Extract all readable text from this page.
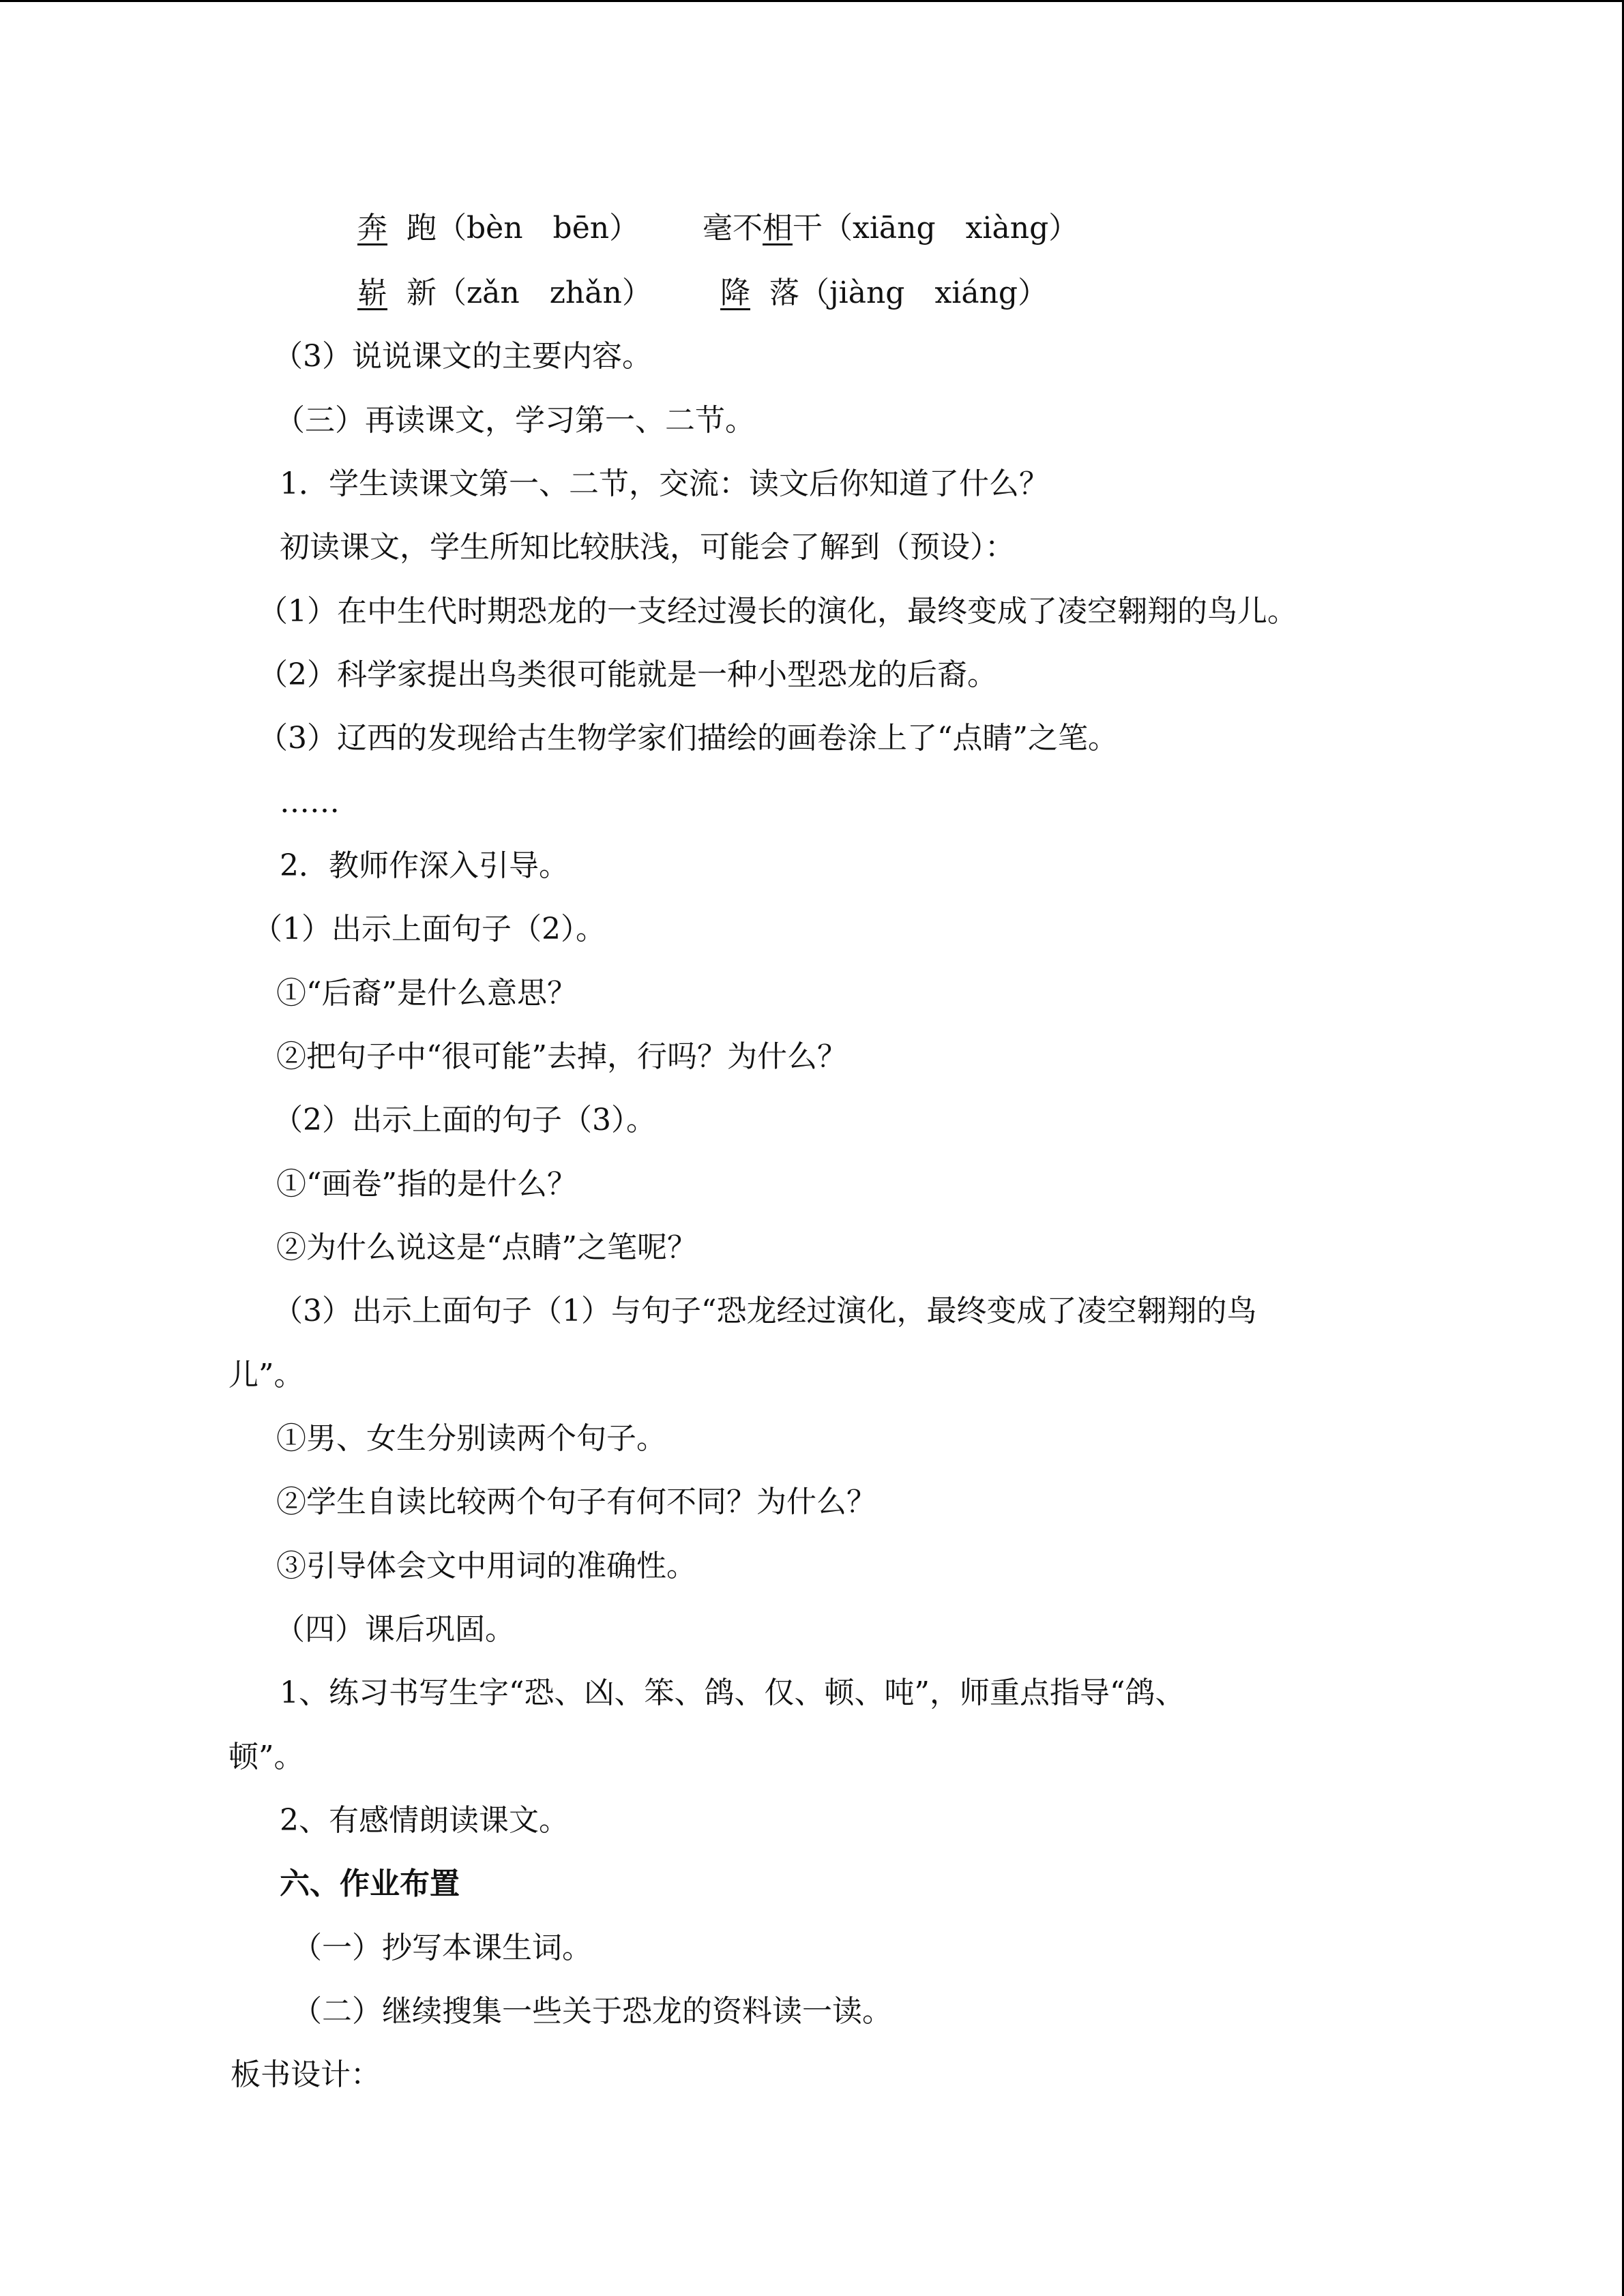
奔 跑（bèn　bēn） 毫不相干（xiāng　xiàng）
崭 新（zǎn　zhǎn）	降 落（jiàng　xiáng）
（3）说说课文的主要内容。
（三）再读课文，学习第一、二节。
1．学生读课文第一、二节，交流：读文后你知道了什么？
初读课文，学生所知比较肤浅，可能会了解到（预设）：
（1）在中生代时期恐龙的一支经过漫长的演化，最终变成了凌空翱翔的鸟儿。
（2）科学家提出鸟类很可能就是一种小型恐龙的后裔。
（3）辽西的发现给古生物学家们描绘的画卷涂上了“点睛”之笔。
……
2．教师作深入引导。
（1）出示上面句子（2）。
①“后裔”是什么意思？
②把句子中“很可能”去掉，行吗？为什么？
（2）出示上面的句子（3）。
①“画卷”指的是什么？
②为什么说这是“点睛”之笔呢？
（3）出示上面句子（1）与句子“恐龙经过演化，最终变成了凌空翱翔的鸟
儿”。
①男、女生分别读两个句子。
②学生自读比较两个句子有何不同？为什么？
③引导体会文中用词的准确性。
（四）课后巩固。
1、练习书写生字“恐、凶、笨、鸽、仅、顿、吨”，师重点指导“鸽、
顿”。
2、有感情朗读课文。
六、作业布置
（一）抄写本课生词。
（二）继续搜集一些关于恐龙的资料读一读。
板书设计：
